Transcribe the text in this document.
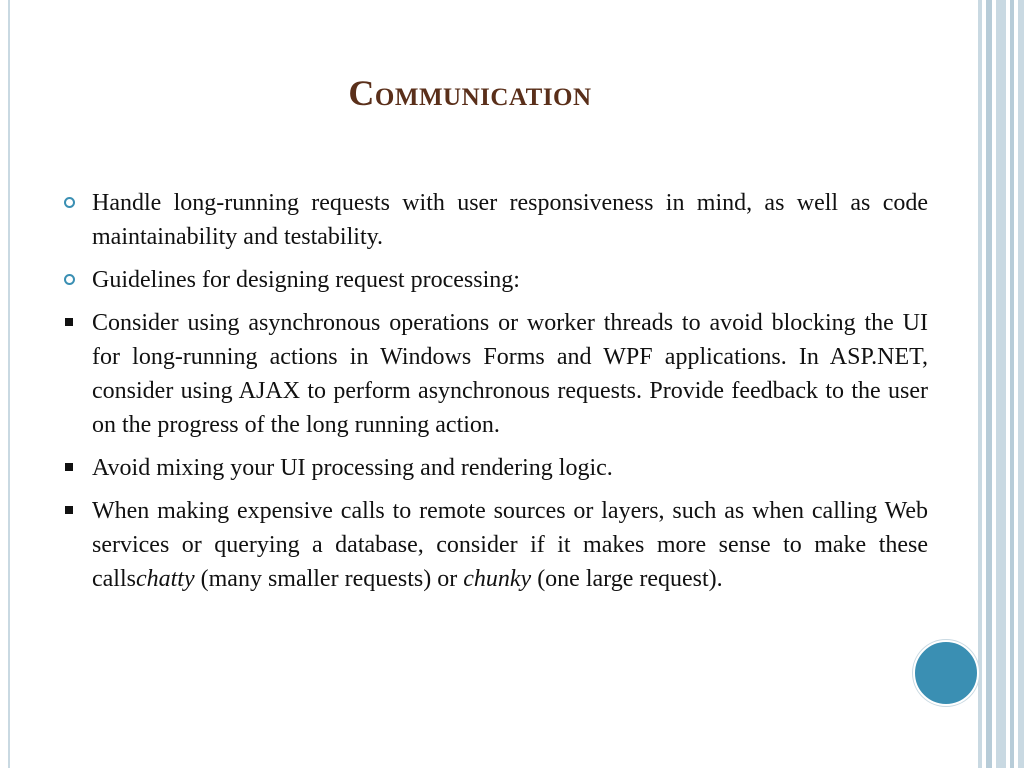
Communication
Handle long-running requests with user responsiveness in mind, as well as code maintainability and testability.
Guidelines for designing request processing:
Consider using asynchronous operations or worker threads to avoid blocking the UI for long-running actions in Windows Forms and WPF applications. In ASP.NET, consider using AJAX to perform asynchronous requests. Provide feedback to the user on the progress of the long running action.
Avoid mixing your UI processing and rendering logic.
When making expensive calls to remote sources or layers, such as when calling Web services or querying a database, consider if it makes more sense to make these callschatty (many smaller requests) or chunky (one large request).
